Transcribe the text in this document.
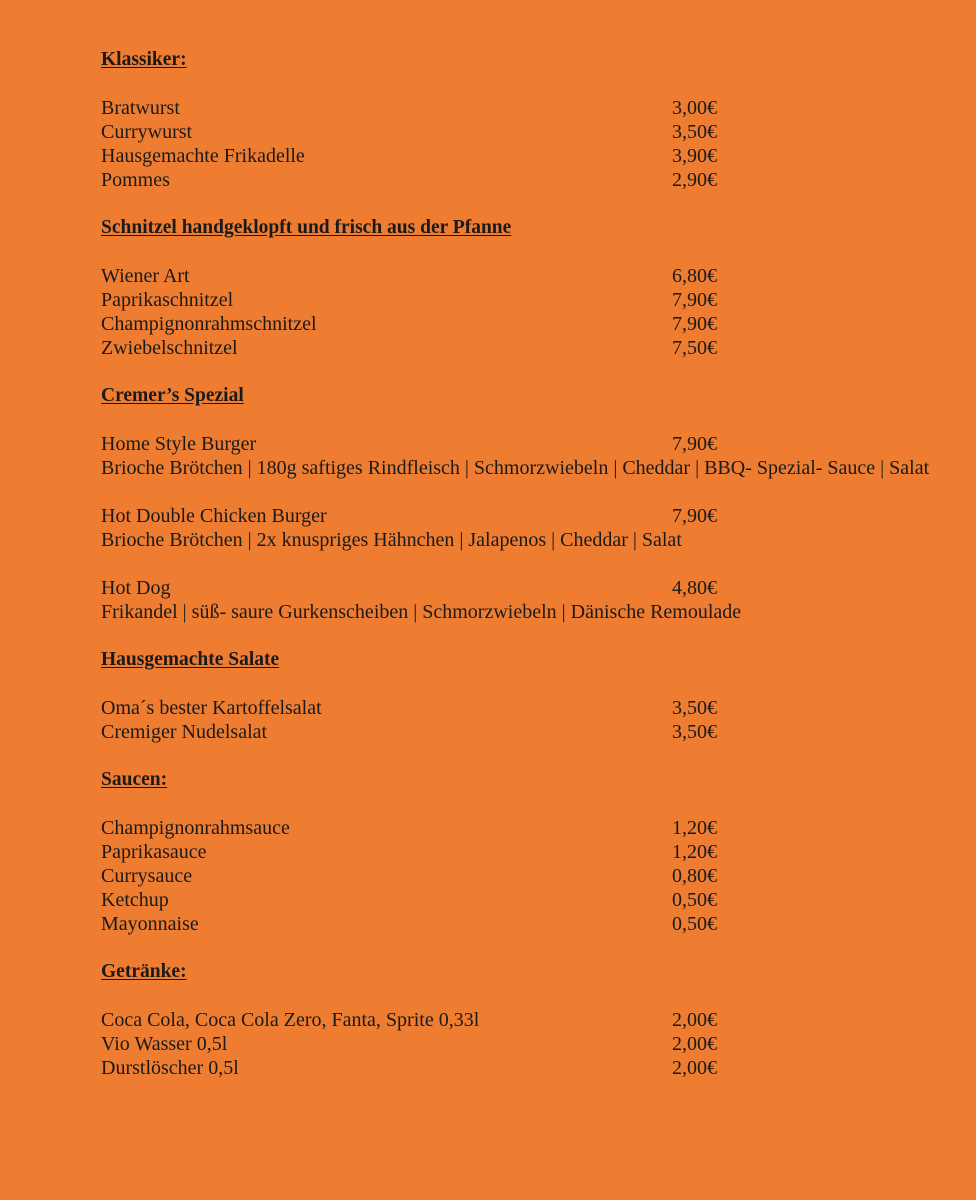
Klassiker:
Bratwurst	3,00€
Currywurst	3,50€
Hausgemachte Frikadelle	3,90€
Pommes	2,90€
Schnitzel handgeklopft und frisch aus der Pfanne
Wiener Art	6,80€
Paprikaschnitzel	7,90€
Champignonrahmschnitzel	7,90€
Zwiebelschnitzel	7,50€
Cremer’s Spezial
Home Style Burger	7,90€
Brioche Brötchen | 180g saftiges Rindfleisch | Schmorzwiebeln | Cheddar | BBQ- Spezial- Sauce | Salat
Hot Double Chicken Burger	7,90€
Brioche Brötchen | 2x knuspriges Hähnchen | Jalapenos | Cheddar | Salat
Hot Dog	4,80€
Frikandel | süß- saure Gurkenscheiben | Schmorzwiebeln | Dänische Remoulade
Hausgemachte Salate
Oma´s bester Kartoffelsalat	3,50€
Cremiger Nudelsalat	3,50€
Saucen:
Champignonrahmsauce	1,20€
Paprikasauce	1,20€
Currysauce	0,80€
Ketchup	0,50€
Mayonnaise	0,50€
Getränke:
Coca Cola, Coca Cola Zero, Fanta, Sprite 0,33l	2,00€
Vio Wasser 0,5l	2,00€
Durstlöscher 0,5l	2,00€
